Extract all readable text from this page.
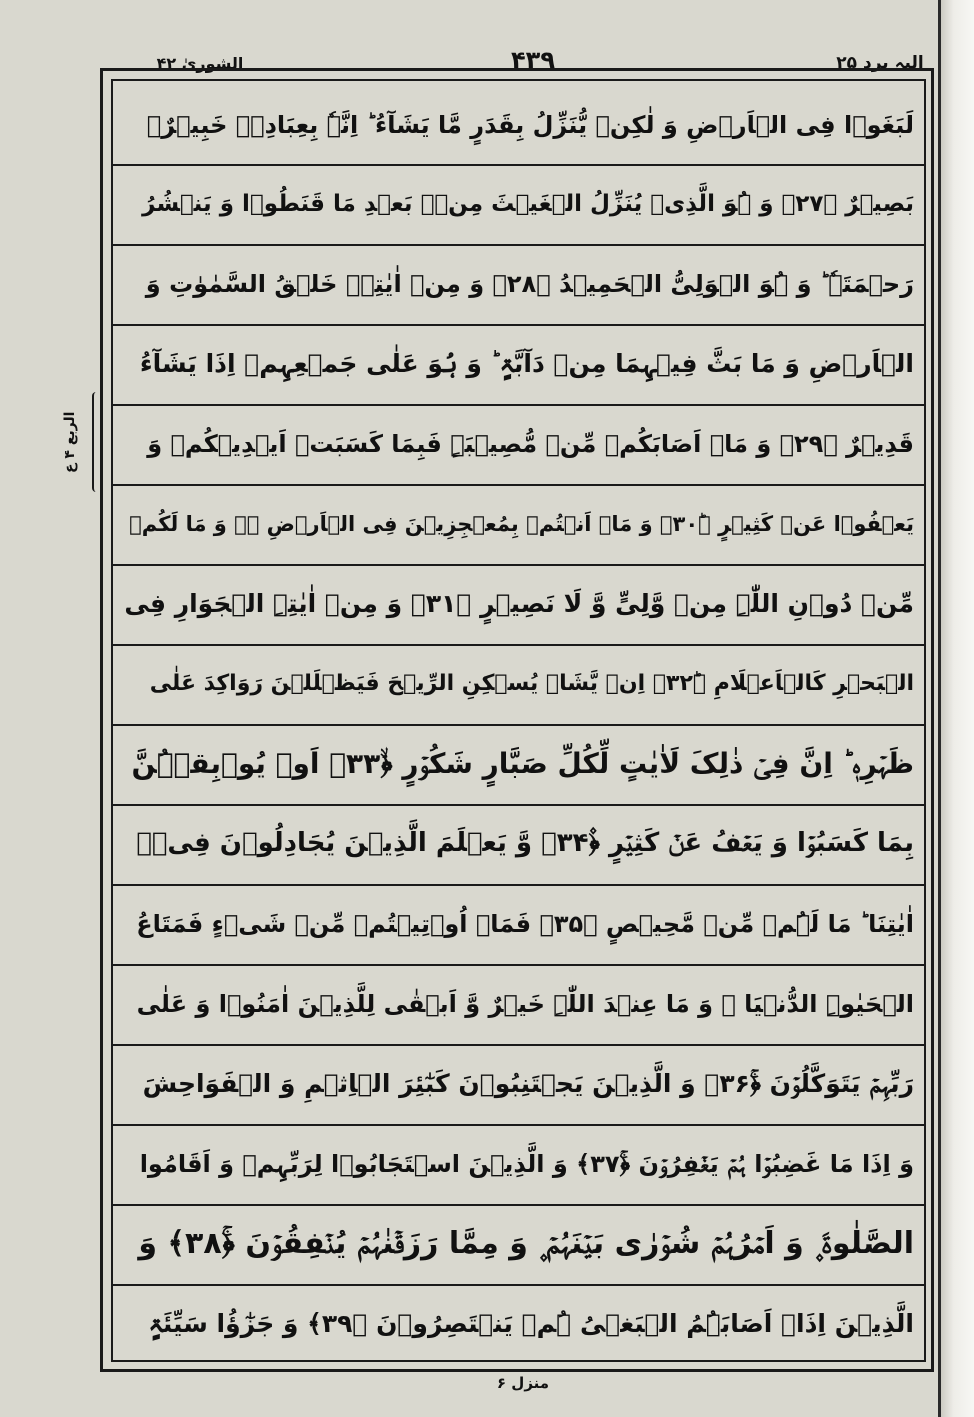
الشوریٰ ۴۲	۴۳۹	الیہ یرد ۲۵
لَبَغَوۡا فِی الۡاَرۡضِ وَ لٰکِنۡ یُّنَزِّلُ بِقَدَرٍ مَّا یَشَآءُ ؕ اِنَّہٗ بِعِبَادِہٖ خَبِیۡرٌۢ
بَصِیۡرٌ ﴿۲۷﴾ وَ ہُوَ الَّذِیۡ یُنَزِّلُ الۡغَیۡثَ مِنۡۢ بَعۡدِ مَا قَنَطُوۡا وَ یَنۡشُرُ
رَحۡمَتَہٗ ؕ وَ ہُوَ الۡوَلِیُّ الۡحَمِیۡدُ ﴿۲۸﴾ وَ مِنۡ اٰیٰتِہٖ خَلۡقُ السَّمٰوٰتِ وَ
الۡاَرۡضِ وَ مَا بَثَّ فِیۡہِمَا مِنۡ دَآبَّۃٍ ؕ وَ ہُوَ عَلٰی جَمۡعِہِمۡ اِذَا یَشَآءُ
قَدِیۡرٌ ﴿۲۹﴾ وَ مَاۤ اَصَابَکُمۡ مِّنۡ مُّصِیۡبَۃٍ فَبِمَا کَسَبَتۡ اَیۡدِیۡکُمۡ وَ
یَعۡفُوۡا عَنۡ کَثِیۡرٍ ﴿ؕ۳۰﴾ وَ مَاۤ اَنۡتُمۡ بِمُعۡجِزِیۡنَ فِی الۡاَرۡضِ ۚۖ وَ مَا لَکُمۡ
مِّنۡ دُوۡنِ اللّٰہِ مِنۡ وَّلِیٍّ وَّ لَا نَصِیۡرٍ ﴿۳۱﴾ وَ مِنۡ اٰیٰتِہِ الۡجَوَارِ فِی
الۡبَحۡرِ کَالۡاَعۡلَامِ ﴿ؕ۳۲﴾ اِنۡ یَّشَاۡ یُسۡکِنِ الرِّیۡحَ فَیَظۡلَلۡنَ رَوَاکِدَ عَلٰی
ظَہۡرِہٖ ؕ اِنَّ فِیۡ ذٰلِکَ لَاٰیٰتٍ لِّکُلِّ صَبَّارٍ شَکُوۡرٍ ﴿ۙ۳۳﴾ اَوۡ یُوۡبِقۡہُنَّ
بِمَا کَسَبُوۡا وَ یَعۡفُ عَنۡ کَثِیۡرٍ ﴿۫۳۴﴾ وَّ یَعۡلَمَ الَّذِیۡنَ یُجَادِلُوۡنَ فِیۡۤ
اٰیٰتِنَا ؕ مَا لَہُمۡ مِّنۡ مَّحِیۡصٍ ﴿۳۵﴾ فَمَاۤ اُوۡتِیۡتُمۡ مِّنۡ شَیۡءٍ فَمَتَاعُ
الۡحَیٰوۃِ الدُّنۡیَا ۚ وَ مَا عِنۡدَ اللّٰہِ خَیۡرٌ وَّ اَبۡقٰی لِلَّذِیۡنَ اٰمَنُوۡا وَ عَلٰی
رَبِّہِمۡ یَتَوَکَّلُوۡنَ ﴿ۚ۳۶﴾ وَ الَّذِیۡنَ یَجۡتَنِبُوۡنَ کَبٰٓئِرَ الۡاِثۡمِ وَ الۡفَوَاحِشَ
وَ اِذَا مَا غَضِبُوۡا ہُمۡ یَغۡفِرُوۡنَ ﴿ۚ۳۷﴾ وَ الَّذِیۡنَ اسۡتَجَابُوۡا لِرَبِّہِمۡ وَ اَقَامُوا
الصَّلٰوۃَ ۪ وَ اَمۡرُہُمۡ شُوۡرٰی بَیۡنَہُمۡ ۪ وَ مِمَّا رَزَقۡنٰہُمۡ یُنۡفِقُوۡنَ ﴿ۚ۳۸﴾ وَ
الَّذِیۡنَ اِذَاۤ اَصَابَہُمُ الۡبَغۡیُ ہُمۡ یَنۡتَصِرُوۡنَ ﴿۳۹﴾ وَ جَزٰٓؤُا سَیِّئَۃٍ
الربع ۴ ع
منزل ۶
